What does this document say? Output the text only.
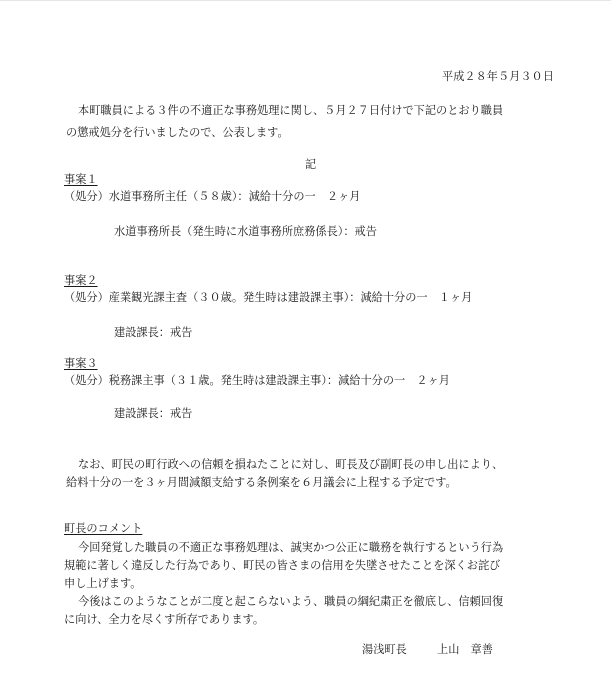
平成２８年５月３０日

本町職員による３件の不適正な事務処理に関し、５月２７日付けで下記のとおり職員

の懲戒処分を行いましたので、公表します。

記

事案１

（処分）水道事務所主任（５８歳）：減給十分の一　２ヶ月

水道事務所長（発生時に水道事務所庶務係長）：戒告

事案２

（処分）産業観光課主査（３０歳。発生時は建設課主事）：減給十分の一　１ヶ月

建設課長：戒告

事案３

（処分）税務課主事（３１歳。発生時は建設課主事）：減給十分の一　２ヶ月

建設課長：戒告

なお、町民の町行政への信頼を損ねたことに対し、町長及び副町長の申し出により、

給料十分の一を３ヶ月間減額支給する条例案を６月議会に上程する予定です。

町長のコメント

今回発覚した職員の不適正な事務処理は、誠実かつ公正に職務を執行するという行為

規範に著しく違反した行為であり、町民の皆さまの信用を失墜させたことを深くお詫び

申し上げます。

今後はこのようなことが二度と起こらないよう、職員の綱紀粛正を徹底し、信頼回復

に向け、全力を尽くす所存であります。

湯浅町長	上山　章善
